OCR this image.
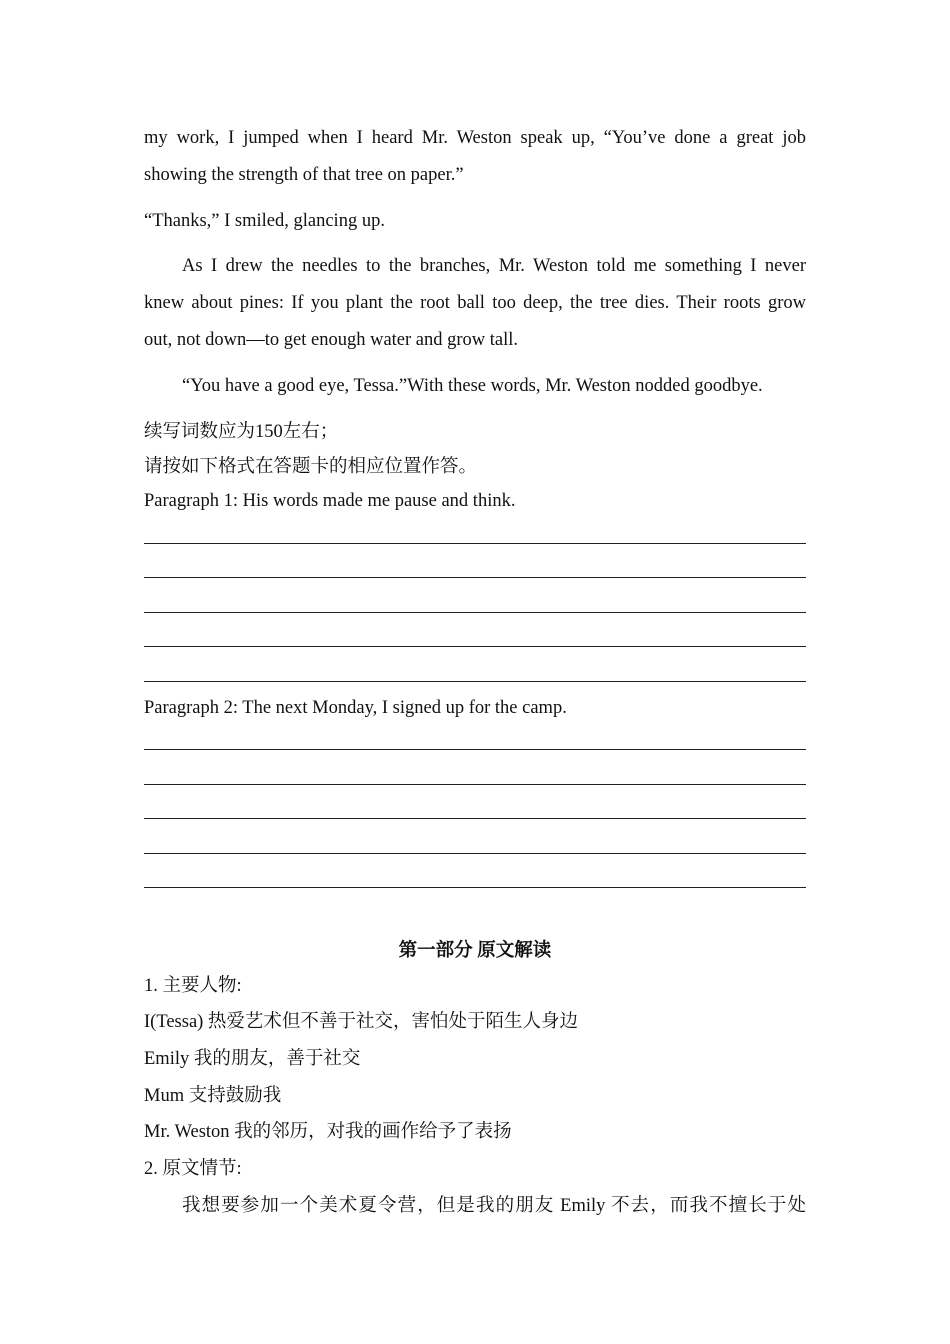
my work, I jumped when I heard Mr. Weston speak up, “You’ve done a great job
showing the strength of that tree on paper.”
“Thanks,” I smiled, glancing up.
As I drew the needles to the branches, Mr. Weston told me something I never
knew about pines: If you plant the root ball too deep, the tree dies. Their roots grow
out, not down—to get enough water and grow tall.
“You have a good eye, Tessa.”With these words, Mr. Weston nodded goodbye.
续写词数应为150左右；
请按如下格式在答题卡的相应位置作答。
Paragraph 1: His words made me pause and think.
Paragraph 2: The next Monday, I signed up for the camp.
第一部分 原文解读
1. 主要人物:
I(Tessa) 热爱艺术但不善于社交，害怕处于陌生人身边
Emily 我的朋友，善于社交
Mum 支持鼓励我
Mr. Weston 我的邻历，对我的画作给予了表扬
2. 原文情节:
我想要参加一个美术夏令营，但是我的朋友 Emily 不去，而我不擅长于处
